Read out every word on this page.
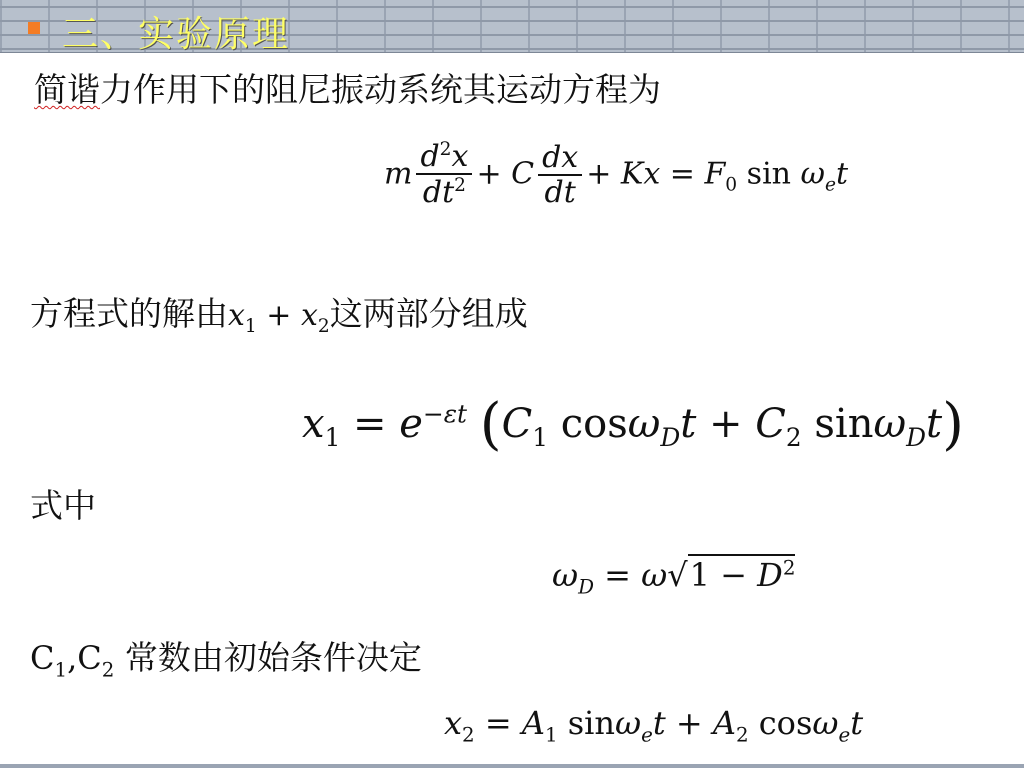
三、实验原理
简谐力作用下的阻尼振动系统其运动方程为
m $\frac{d^2x}{dt^2} + C \frac{dx}{dt} + Kx = F_0$ $\sin \omega_et$
方程式的解由$x_1 + x_2$这两部分组成
$x_1 = e^{-\varepsilon t}$ ($C_1$ $\cos\omega_Dt + C_2$ sinω$_D$t)
式中
$\omega_D = \omega√1 - D^2$
$C_1,C_2$ 常数由初始条件决定
$x_2 = A_1$ $\sin\omega_et + A_2$ cosω$_e$t
